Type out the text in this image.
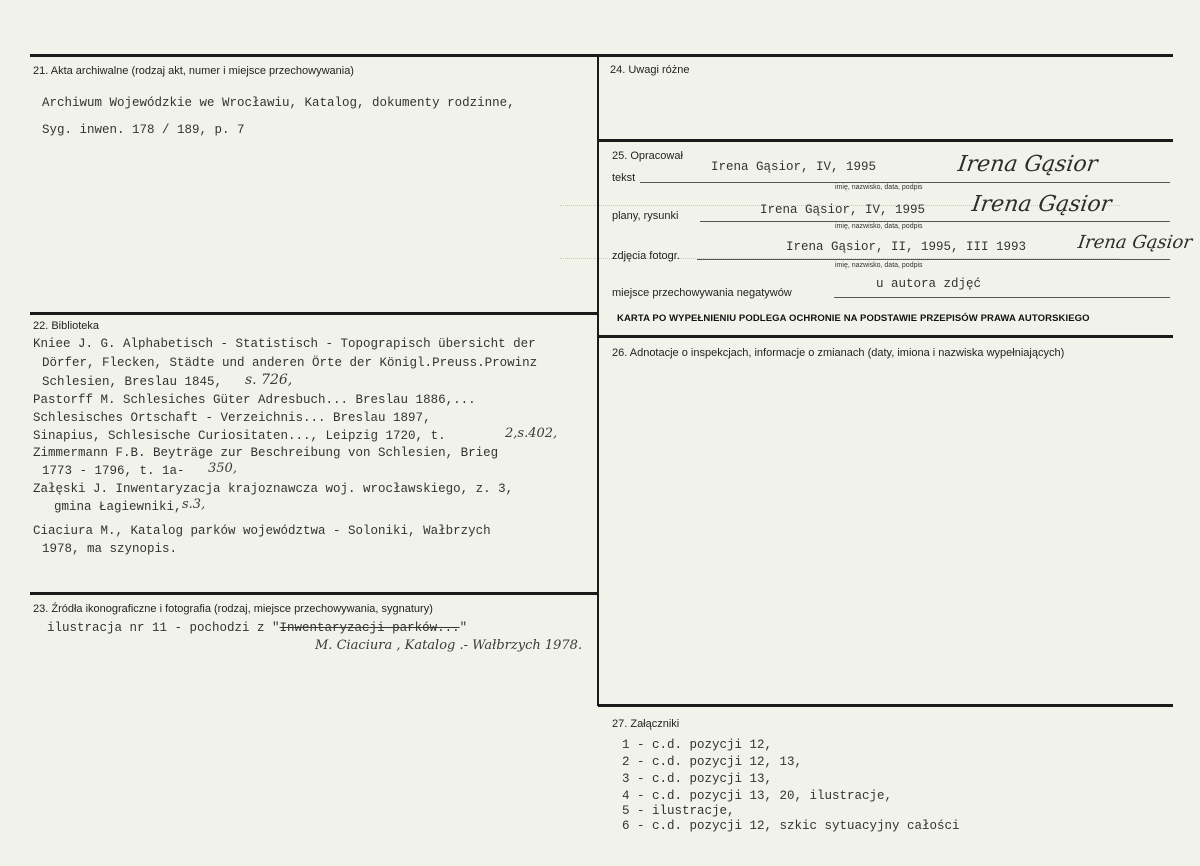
21. Akta archiwalne (rodzaj akt, numer i miejsce przechowywania)
Archiwum Wojewódzkie we Wrocławiu, Katalog, dokumenty rodzinne,
Syg. inwen. 178 / 189, p. 7
22. Biblioteka
Kniee J. G. Alphabetisch - Statistisch - Topograpisch übersicht der
Dörfer, Flecken, Städte und anderen Örte der Königl.Preuss.Prowinz
Schlesien, Breslau 1845, s. 726,
Pastorff M. Schlesiches Güter Adresbuch... Breslau 1886,...
Schlesisches Ortschaft - Verzeichnis... Breslau 1897,
Sinapius, Schlesische Curiositaten..., Leipzig 1720, t.	2,s.402,
Zimmermann F.B. Beyträge zur Beschreibung von Schlesien, Brieg
1773 - 1796, t. 1a- 350,
Załęski J. Inwentaryzacja krajoznawcza woj. wrocławskiego, z. 3,
gmina Łagiewniki, s.3,
Ciaciura M., Katalog parków województwa - Soloniki, Wałbrzych
1978, ma szynopis.
23. Źródła ikonograficzne i fotografia (rodzaj, miejsce przechowywania, sygnatury)
ilustracja nr 11 - pochodzi z "Inwentaryzacji parków..."
M. Ciaciura , Katalog .- Wałbrzych 1978.
24. Uwagi różne
25. Opracował
tekst
Irena Gąsior, IV, 1995
imię, nazwisko, data, podpis
Irena Gąsior
plany, rysunki	Irena Gąsior, IV, 1995
imię, nazwisko, data, podpis
Irena Gąsior
zdjęcia fotogr.
Irena Gąsior, II, 1995, III 1993
imię, nazwisko, data, podpis
Irena Gąsior
miejsce przechowywania negatywów
u autora zdjęć
KARTA PO WYPEŁNIENIU PODLEGA OCHRONIE NA PODSTAWIE PRZEPISÓW PRAWA AUTORSKIEGO
26. Adnotacje o inspekcjach, informacje o zmianach (daty, imiona i nazwiska wypełniających)
27. Załączniki
1 - c.d. pozycji 12,
2 - c.d. pozycji 12, 13,
3 - c.d. pozycji 13,
4 - c.d. pozycji 13, 20, ilustracje,
5 - ilustracje,
6 - c.d. pozycji 12, szkic sytuacyjny całości
